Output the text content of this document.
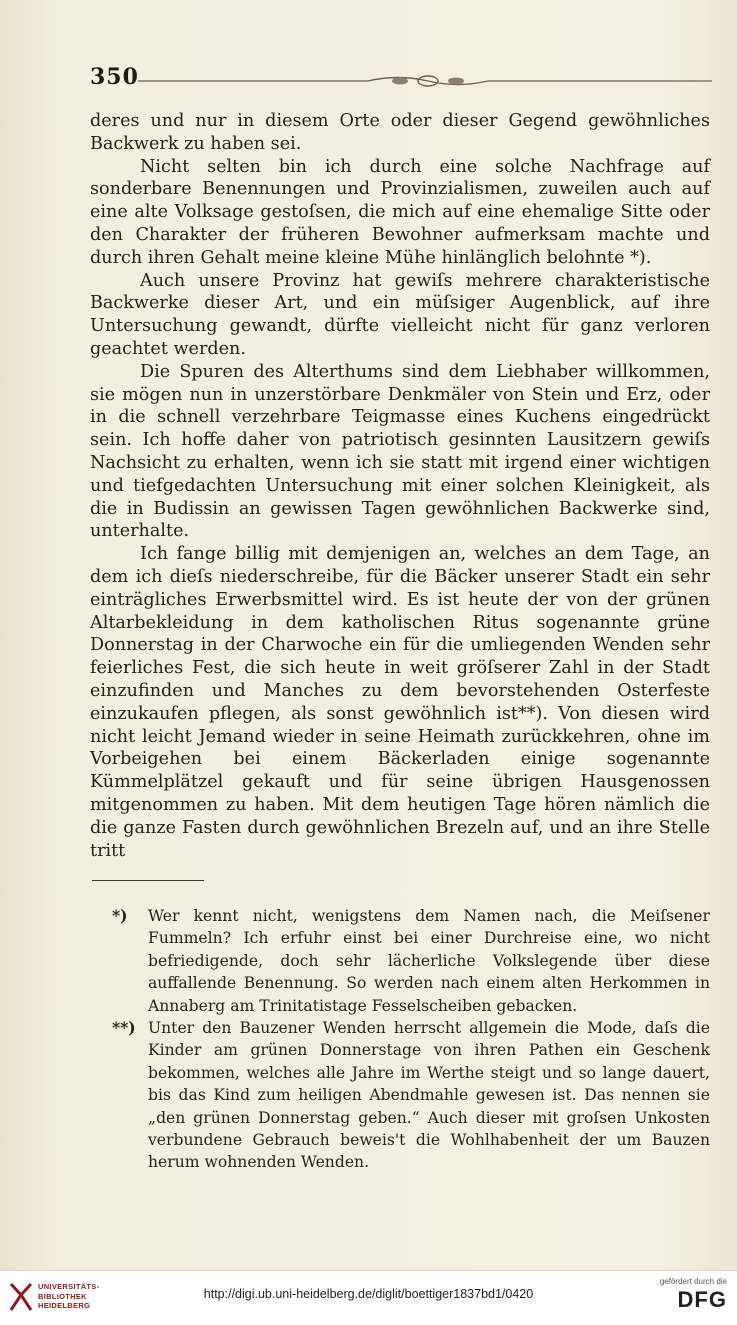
350

deres und nur in diesem Orte oder dieser Gegend gewöhnliches Backwerk zu haben sei.

Nicht selten bin ich durch eine solche Nachfrage auf sonderbare Benennungen und Provinzialismen, zuweilen auch auf eine alte Volksage gestoſsen, die mich auf eine ehemalige Sitte oder den Charakter der früheren Bewohner aufmerksam machte und durch ihren Gehalt meine kleine Mühe hinlänglich belohnte *).

Auch unsere Provinz hat gewiſs mehrere charakteristische Backwerke dieser Art, und ein müſsiger Augenblick, auf ihre Untersuchung gewandt, dürfte vielleicht nicht für ganz verloren geachtet werden.

Die Spuren des Alterthums sind dem Liebhaber willkommen, sie mögen nun in unzerstörbare Denkmäler von Stein und Erz, oder in die schnell verzehrbare Teigmasse eines Kuchens eingedrückt sein. Ich hoffe daher von patriotisch gesinnten Lausitzern gewiſs Nachsicht zu erhalten, wenn ich sie statt mit irgend einer wichtigen und tiefgedachten Untersuchung mit einer solchen Kleinigkeit, als die in Budissin an gewissen Tagen gewöhnlichen Backwerke sind, unterhalte.

Ich fange billig mit demjenigen an, welches an dem Tage, an dem ich dieſs niederschreibe, für die Bäcker unserer Stadt ein sehr einträgliches Erwerbsmittel wird. Es ist heute der von der grünen Altarbekleidung in dem katholischen Ritus sogenannte grüne Donnerstag in der Charwoche ein für die umliegenden Wenden sehr feierliches Fest, die sich heute in weit gröſserer Zahl in der Stadt einzufinden und Manches zu dem bevorstehenden Osterfeste einzukaufen pflegen, als sonst gewöhnlich ist**). Von diesen wird nicht leicht Jemand wieder in seine Heimath zurückkehren, ohne im Vorbeigehen bei einem Bäckerladen einige sogenannte Kümmelplätzel gekauft und für seine übrigen Hausgenossen mitgenommen zu haben. Mit dem heutigen Tage hören nämlich die die ganze Fasten durch gewöhnlichen Brezeln auf, und an ihre Stelle tritt

*)	Wer kennt nicht, wenigstens dem Namen nach, die Meiſsener Fummeln? Ich erfuhr einst bei einer Durchreise eine, wo nicht befriedigende, doch sehr lächerliche Volkslegende über diese auffallende Benennung. So werden nach einem alten Herkommen in Annaberg am Trinitatistage Fesselscheiben gebacken.
**) Unter den Bauzener Wenden herrscht allgemein die Mode, daſs die Kinder am grünen Donnerstage von ihren Pathen ein Geschenk bekommen, welches alle Jahre im Werthe steigt und so lange dauert, bis das Kind zum heiligen Abendmahle gewesen ist. Das nennen sie „den grünen Donnerstag geben.“ Auch dieser mit groſsen Unkosten verbundene Gebrauch beweis't die Wohlhabenheit der um Bauzen herum wohnenden Wenden.
UNIVERSITÄTS-
BIBLIOTHEK
HEIDELBERG
http://digi.ub.uni-heidelberg.de/diglit/boettiger1837bd1/0420
gefördert durch die
DFG
